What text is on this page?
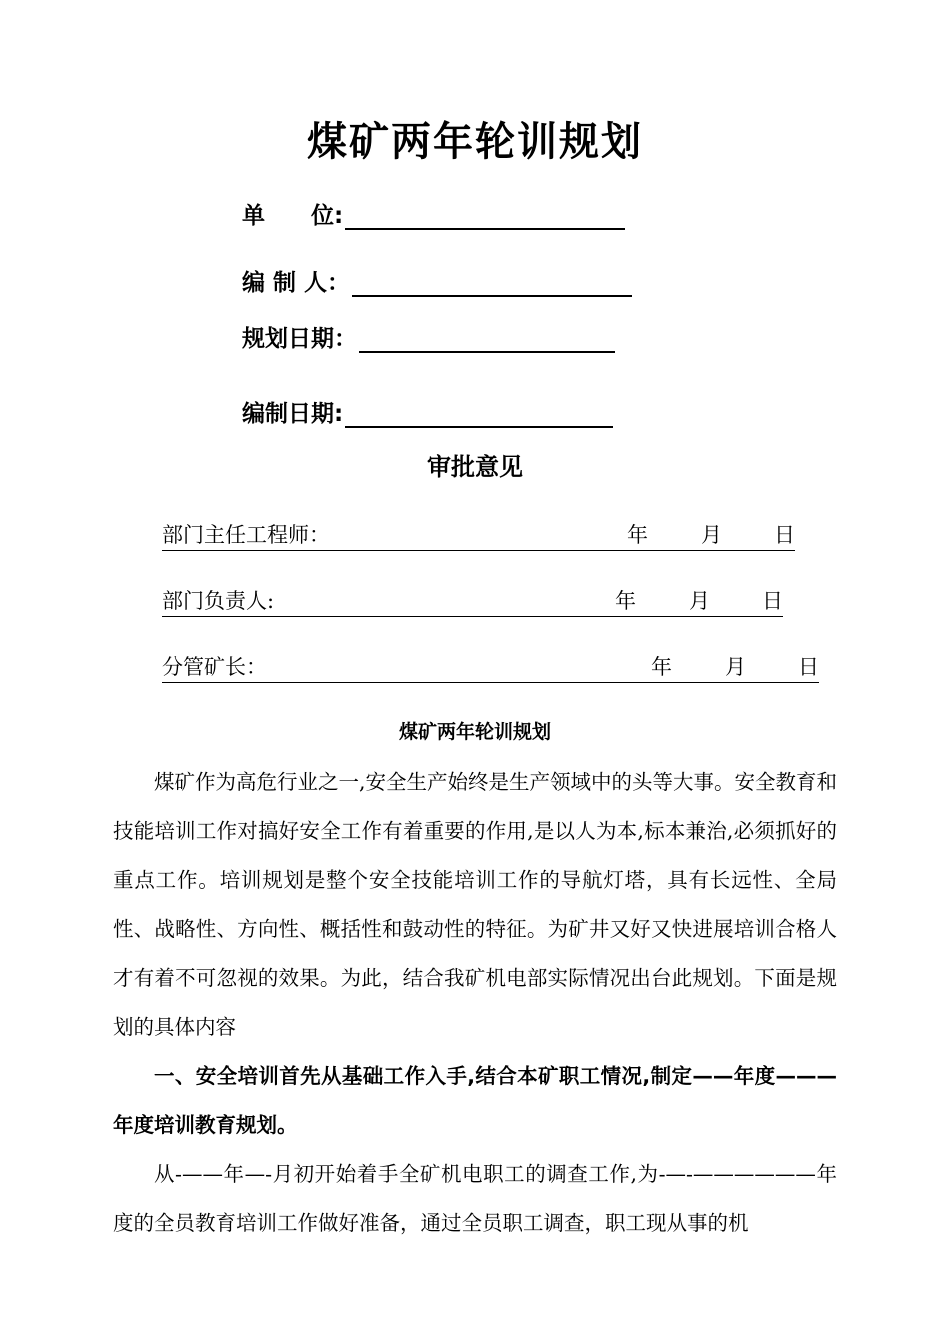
煤矿两年轮训规划
单　　位:
编 制 人：
规划日期：
编制日期:
审批意见
部门主任工程师：	年	月	日
部门负责人:	年	月	日
分管矿长：	年	月	日
煤矿两年轮训规划

煤矿作为高危行业之一,安全生产始终是生产领域中的头等大事。安全教育和技能培训工作对搞好安全工作有着重要的作用,是以人为本,标本兼治,必须抓好的重点工作。培训规划是整个安全技能培训工作的导航灯塔，具有长远性、全局性、战略性、方向性、概括性和鼓动性的特征。为矿井又好又快进展培训合格人才有着不可忽视的效果。为此，结合我矿机电部实际情况出台此规划。下面是规划的具体内容

一、安全培训首先从基础工作入手,结合本矿职工情况,制定——年度———年度培训教育规划。

从-——年—-月初开始着手全矿机电职工的调查工作,为-—-——————年度的全员教育培训工作做好准备，通过全员职工调查，职工现从事的机
